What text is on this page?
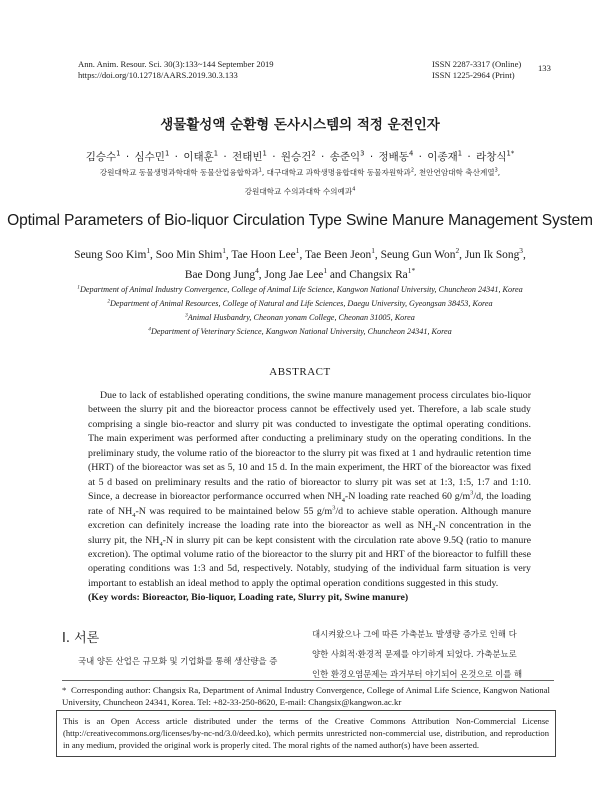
Ann. Anim. Resour. Sci. 30(3):133~144 September 2019
https://doi.org/10.12718/AARS.2019.30.3.133
ISSN 2287-3317 (Online)
ISSN 1225-2964 (Print)
133
생물활성액 순환형 돈사시스템의 적정 운전인자
김승수$^1$ · 심수민$^1$ · 이태훈$^1$ · 전태빈$^1$ · 원승건$^2$ · 송준익$^3$ · 정배동$^4$ · 이종재$^1$ · 라창식$^{1*}$
강원대학교 동물생명과학대학 동물산업융합학과$^1$, 대구대학교 과학생명융합대학 동물자원학과$^2$, 천안연암대학 축산계열$^3$,
강원대학교 수의과대학 수의예과$^4$
Optimal Parameters of Bio-liquor Circulation Type Swine Manure Management System
Seung Soo Kim$^1$, Soo Min Shim$^1$, Tae Hoon Lee$^1$, Tae Been Jeon$^1$, Seung Gun Won$^2$, Jun Ik Song$^3$,
Bae Dong Jung$^4$, Jong Jae Lee$^1$ and Changsix $Ra^{1*}$
$^1$Department of Animal Industry Convergence, College of Animal Life Science, Kangwon National University, Chuncheon 24341, Korea
$^2$Department of Animal Resources, College of Natural and Life Sciences, Daegu University, Gyeongsan 38453, Korea
$^3$Animal Husbandry, Cheonan yonam College, Cheonan 31005, Korea
$^4$Department of Veterinary Science, Kangwon National University, Chuncheon 24341, Korea
ABSTRACT

Due to lack of established operating conditions, the swine manure management process circulates bio-liquor between the slurry pit and the bioreactor process cannot be effectively used yet. Therefore, a lab scale study comprising a single bio-reactor and slurry pit was conducted to investigate the optimal operating conditions. The main experiment was performed after conducting a preliminary study on the operating conditions. In the preliminary study, the volume ratio of the bioreactor to the slurry pit was fixed at 1 and hydraulic retention time (HRT) of the bioreactor was set as 5, 10 and 15 d. In the main experiment, the HRT of the bioreactor was fixed at 5 d based on preliminary results and the ratio of bioreactor to slurry pit was set at 1:3, 1:5, 1:7 and 1:10. Since, a decrease in bioreactor performance occurred when $NH_4-N$ loading rate reached 60 $g/m^3/d$, the loading rate of $NH_4-N$ was required to be maintained below 55 $g/m^3/d$ to achieve stable operation. Although manure excretion can definitely increase the loading rate into the bioreactor as well as $NH_4-N$ concentration in the slurry pit, the $NH_4-N$ in slurry pit can be kept consistent with the circulation rate above 9.5Q (ratio to manure excretion). The optimal volume ratio of the bioreactor to the slurry pit and HRT of the bioreactor to fulfill these operating conditions was 1:3 and 5d, respectively. Notably, studying of the individual farm situation is very important to establish an ideal method to apply the optimal operation conditions suggested in this study.

(Key words: Bioreactor, Bio-liquor, Loading rate, Slurry pit, Swine manure)
Ⅰ. 서론
국내 양돈 산업은 규모화 및 기업화를 통해 생산량을 증
대시켜왔으나 그에 따른 가축분뇨 발생량 증가로 인해 다
양한 사회적·환경적 문제를 야기하게 되었다. 가축분뇨로
인한 환경오염문제는 과거부터 야기되어 온것으로 이를 해
* Corresponding author: Changsix Ra, Department of Animal Industry Convergence, College of Animal Life Science, Kangwon National University, Chuncheon 24341, Korea. Tel: +82-33-250-8620, E-mail: Changsix@kangwon.ac.kr
This is an Open Access article distributed under the terms of the Creative Commons Attribution Non-Commercial License (http://creativecommons.org/licenses/by-nc-nd/3.0/deed.ko), which permits unrestricted non-commercial use, distribution, and reproduction in any medium, provided the original work is properly cited. The moral rights of the named author(s) have been asserted.
